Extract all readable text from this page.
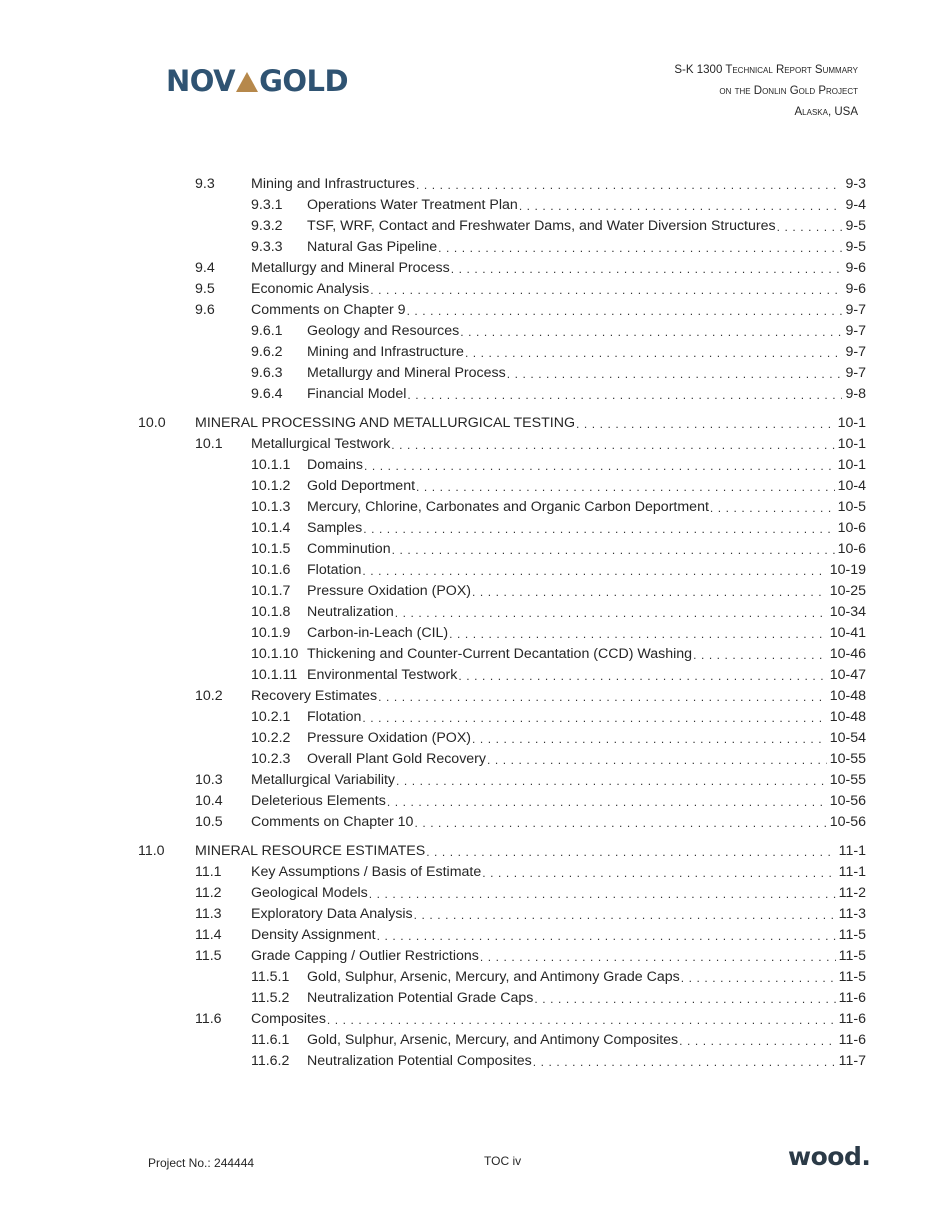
NOV GOLD	S-K 1300 Technical Report Summary
on the Donlin Gold Project
Alaska, USA
9.3	Mining and Infrastructures . . .	9-3
9.3.1	Operations Water Treatment Plan . . .	9-4
9.3.2	TSF, WRF, Contact and Freshwater Dams, and Water Diversion Structures . . .	9-5
9.3.3	Natural Gas Pipeline . . .	9-5
9.4	Metallurgy and Mineral Process . . .	9-6
9.5	Economic Analysis . . .	9-6
9.6	Comments on Chapter 9 . . .	9-7
9.6.1	Geology and Resources . . .	9-7
9.6.2	Mining and Infrastructure . . .	9-7
9.6.3	Metallurgy and Mineral Process . . .	9-7
9.6.4	Financial Model . . .	9-8
10.0	MINERAL PROCESSING AND METALLURGICAL TESTING . . .	10-1
10.1	Metallurgical Testwork . . .	10-1
10.1.1	Domains . . .	10-1
10.1.2	Gold Deportment . . .	10-4
10.1.3	Mercury, Chlorine, Carbonates and Organic Carbon Deportment . . .	10-5
10.1.4	Samples . . .	10-6
10.1.5	Comminution . . .	10-6
10.1.6	Flotation . . .	10-19
10.1.7	Pressure Oxidation (POX) . . .	10-25
10.1.8	Neutralization . . .	10-34
10.1.9	Carbon-in-Leach (CIL) . . .	10-41
10.1.10 Thickening and Counter-Current Decantation (CCD) Washing . . .	10-46
10.1.11 Environmental Testwork . . .	10-47
10.2	Recovery Estimates . . .	10-48
10.2.1	Flotation . . .	10-48
10.2.2	Pressure Oxidation (POX) . . .	10-54
10.2.3	Overall Plant Gold Recovery . . .	10-55
10.3	Metallurgical Variability . . .	10-55
10.4	Deleterious Elements . . .	10-56
10.5	Comments on Chapter 10 . . .	10-56
11.0	MINERAL RESOURCE ESTIMATES . . .	11-1
11.1	Key Assumptions / Basis of Estimate . . .	11-1
11.2	Geological Models . . .	11-2
11.3	Exploratory Data Analysis . . .	11-3
11.4	Density Assignment . . .	11-5
11.5	Grade Capping / Outlier Restrictions . . .	11-5
11.5.1	Gold, Sulphur, Arsenic, Mercury, and Antimony Grade Caps . . .	11-5
11.5.2	Neutralization Potential Grade Caps . . .	11-6
11.6	Composites . . .	11-6
11.6.1	Gold, Sulphur, Arsenic, Mercury, and Antimony Composites . . .	11-6
11.6.2	Neutralization Potential Composites . . .	11-7
Project No.: 244444	TOC iv	wood.
